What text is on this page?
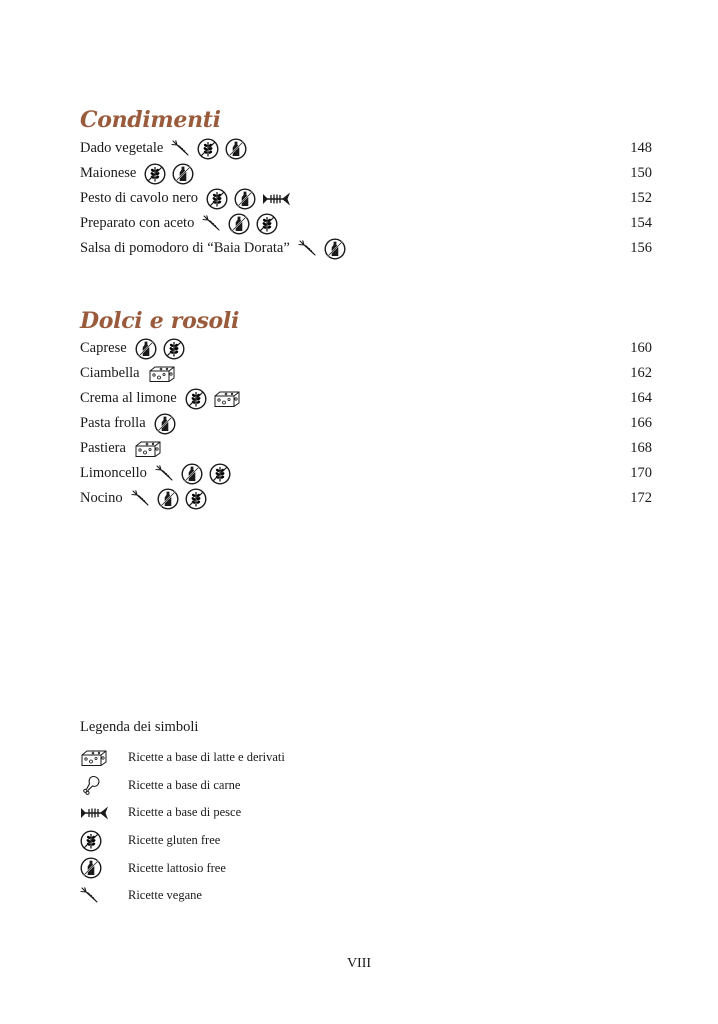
Condimenti
Dado vegetale	148
Maionese	150
Pesto di cavolo nero	152
Preparato con aceto	154
Salsa di pomodoro di “Baia Dorata”	156
Dolci e rosoli
Caprese	160
Ciambella	162
Crema al limone	164
Pasta frolla	166
Pastiera	168
Limoncello	170
Nocino	172
Legenda dei simboli
Ricette a base di latte e derivati
Ricette a base di carne
Ricette a base di pesce
Ricette gluten free
Ricette lattosio free
Ricette vegane
VIII
